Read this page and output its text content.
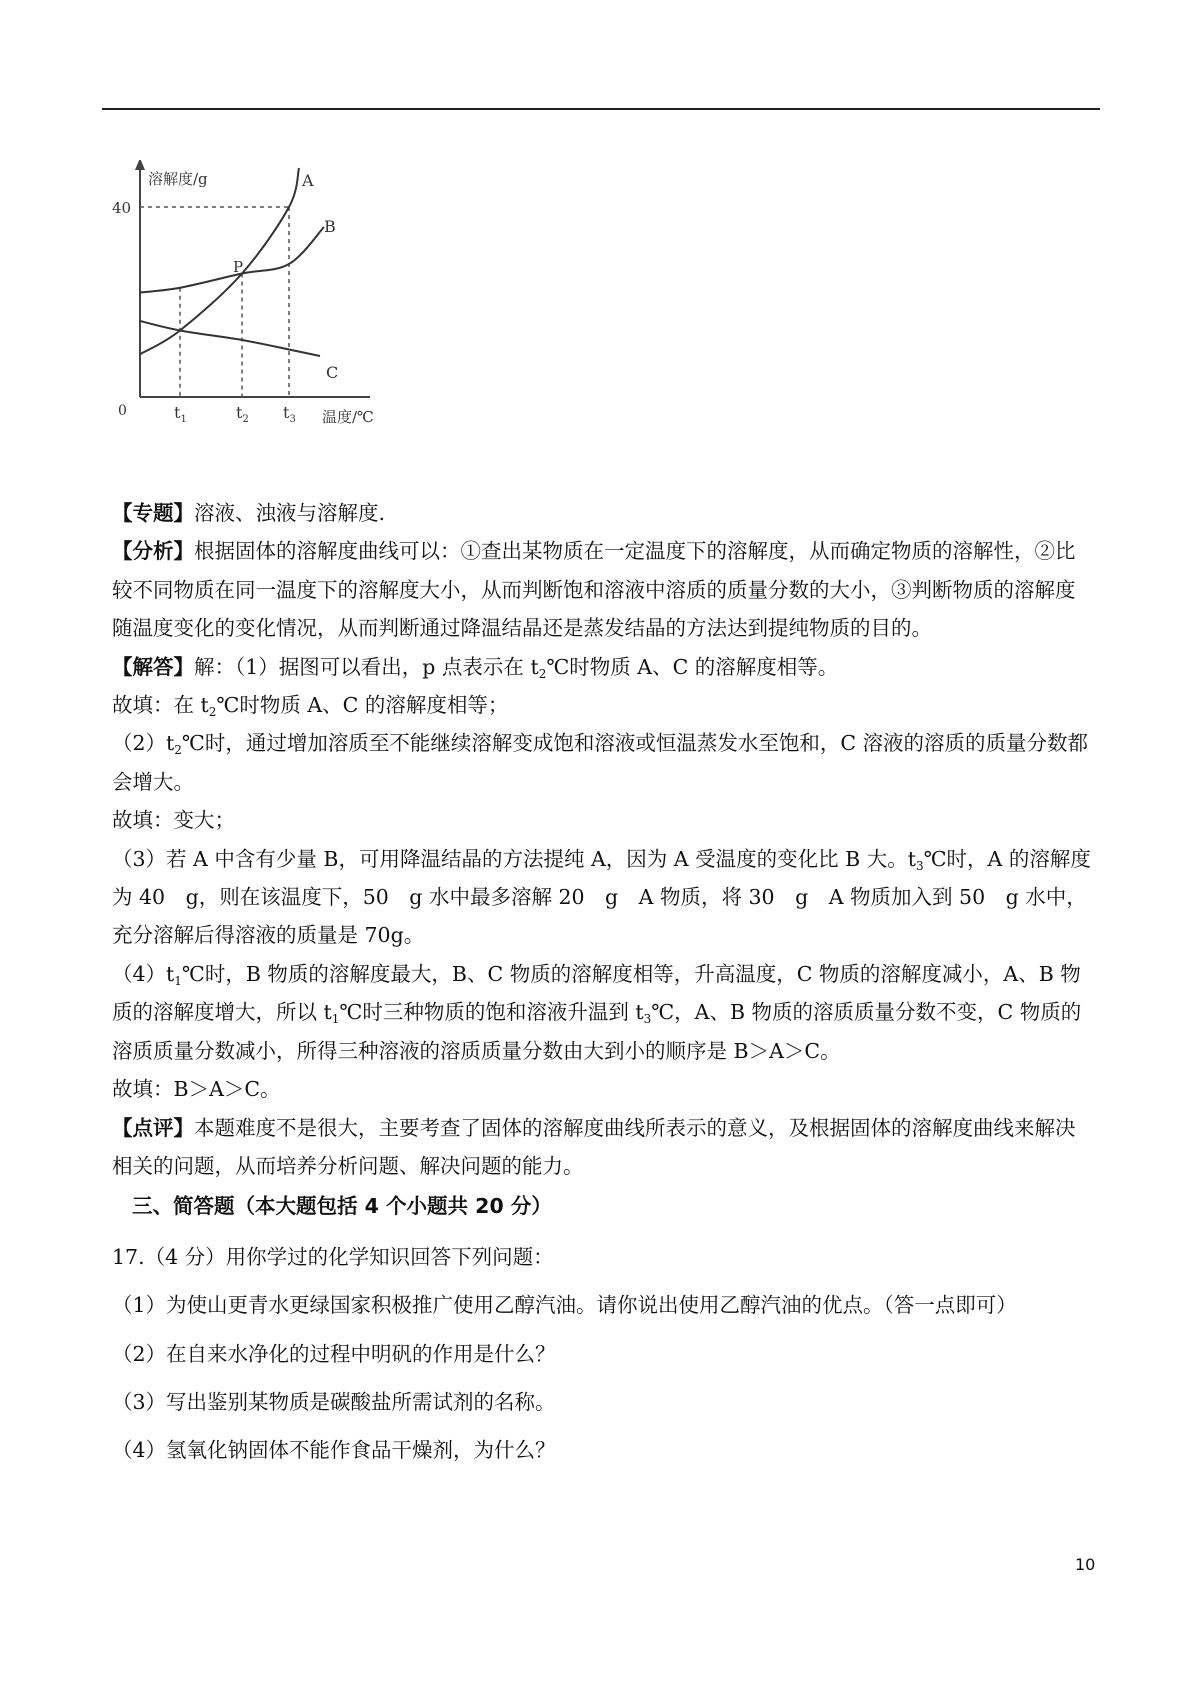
溶解度/g
40
0	$t_1$	$t_2$ $t_3$ 温度/℃
A
B
C
P

【专题】溶液、浊液与溶解度.

【分析】根据固体的溶解度曲线可以：①查出某物质在一定温度下的溶解度，从而确定物质的溶解性，②比较不同物质在同一温度下的溶解度大小，从而判断饱和溶液中溶质的质量分数的大小，③判断物质的溶解度随温度变化的变化情况，从而判断通过降温结晶还是蒸发结晶的方法达到提纯物质的目的。

【解答】解：（1）据图可以看出，p 点表示在 $t_2℃$时物质 A、C 的溶解度相等。

故填：在 $t_2℃$时物质 A、C 的溶解度相等；

$(2)t_2℃$时，通过增加溶质至不能继续溶解变成饱和溶液或恒温蒸发水至饱和，C 溶液的溶质的质量分数都会增大。

故填：变大；

（3）若 A 中含有少量 B，可用降温结晶的方法提纯 A，因为 A 受温度的变化比 B 大。$t_3℃$时，A 的溶解度为 40　g，则在该温度下，50　g 水中最多溶解 20　g　A 物质，将 30　g　A 物质加入到 50　g 水中，充分溶解后得溶液的质量是 70g。

$(4)t_1℃$时，B 物质的溶解度最大，B、C 物质的溶解度相等，升高温度，C 物质的溶解度减小，A、B 物质的溶解度增大，所以 $t_1℃$时三种物质的饱和溶液升温到 $t_3℃$，A、B 物质的溶质质量分数不变，C 物质的溶质质量分数减小，所得三种溶液的溶质质量分数由大到小的顺序是 B＞A＞C。

故填：B＞A＞C。

【点评】本题难度不是很大，主要考查了固体的溶解度曲线所表示的意义，及根据固体的溶解度曲线来解决相关的问题，从而培养分析问题、解决问题的能力。

三、简答题（本大题包括 4 个小题共 20 分）

17.（4 分）用你学过的化学知识回答下列问题：

（1）为使山更青水更绿国家积极推广使用乙醇汽油。请你说出使用乙醇汽油的优点。（答一点即可）

（2）在自来水净化的过程中明矾的作用是什么？

（3）写出鉴别某物质是碳酸盐所需试剂的名称。

（4）氢氧化钠固体不能作食品干燥剂，为什么？

10
